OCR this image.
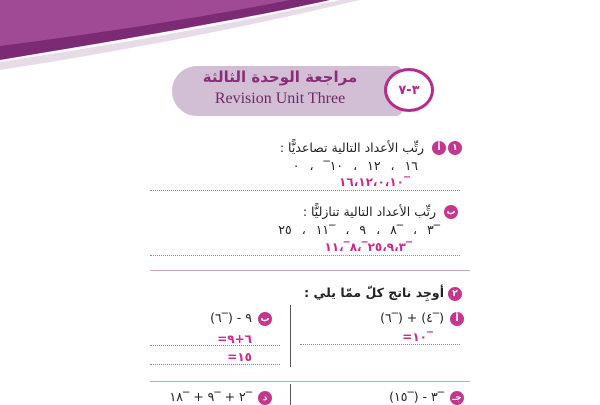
مراجعة الوحدة الثالثة
Revision Unit Three	٣-٧
١
أ
رتِّب الأعداد التالية تصاعديًّا :
١٦ ، ١٢ ، ١٠‾ ، ٠
‾١٦،١٢،٠،١٠
ب
رتِّب الأعداد التالية تنازليًّا :
‾٣ ، ‾٨ ، ٩ ، ‾١١ ، ٢٥
‾٢٥،٩،٣‾،٨‾،١١
٢
أوجِد ناتج كلّ ممّا يلي :
أ
(‾٤) + (‾٦)
‾١٠=
ب
٩ - (‾٦)
٦+٩=
١٥=
جـ
‾٣ - (‾١٥)
د
‾٢ + ‾٩ + ‾١٨
